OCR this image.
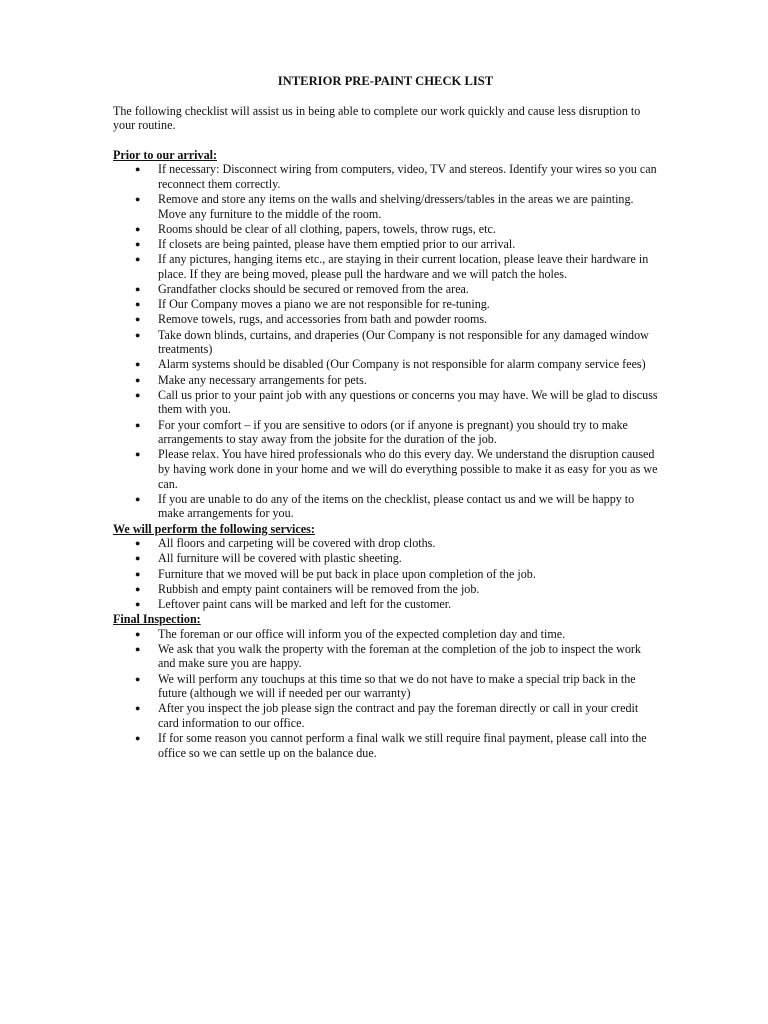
INTERIOR PRE-PAINT CHECK LIST
The following checklist will assist us in being able to complete our work quickly and cause less disruption to your routine.
Prior to our arrival:
● If necessary: Disconnect wiring from computers, video, TV and stereos. Identify your wires so you can reconnect them correctly.
● Remove and store any items on the walls and shelving/dressers/tables in the areas we are painting. Move any furniture to the middle of the room.
● Rooms should be clear of all clothing, papers, towels, throw rugs, etc.
● If closets are being painted, please have them emptied prior to our arrival.
● If any pictures, hanging items etc., are staying in their current location, please leave their hardware in place. If they are being moved, please pull the hardware and we will patch the holes.
● Grandfather clocks should be secured or removed from the area.
● If Our Company moves a piano we are not responsible for re-tuning.
● Remove towels, rugs, and accessories from bath and powder rooms.
● Take down blinds, curtains, and draperies (Our Company is not responsible for any damaged window treatments)
● Alarm systems should be disabled (Our Company is not responsible for alarm company service fees)
● Make any necessary arrangements for pets.
● Call us prior to your paint job with any questions or concerns you may have. We will be glad to discuss them with you.
● For your comfort – if you are sensitive to odors (or if anyone is pregnant) you should try to make arrangements to stay away from the jobsite for the duration of the job.
● Please relax. You have hired professionals who do this every day. We understand the disruption caused by having work done in your home and we will do everything possible to make it as easy for you as we can.
● If you are unable to do any of the items on the checklist, please contact us and we will be happy to make arrangements for you.
We will perform the following services:
● All floors and carpeting will be covered with drop cloths.
● All furniture will be covered with plastic sheeting.
● Furniture that we moved will be put back in place upon completion of the job.
● Rubbish and empty paint containers will be removed from the job.
● Leftover paint cans will be marked and left for the customer.
Final Inspection:
● The foreman or our office will inform you of the expected completion day and time.
● We ask that you walk the property with the foreman at the completion of the job to inspect the work and make sure you are happy.
● We will perform any touchups at this time so that we do not have to make a special trip back in the future (although we will if needed per our warranty)
● After you inspect the job please sign the contract and pay the foreman directly or call in your credit card information to our office.
● If for some reason you cannot perform a final walk we still require final payment, please call into the office so we can settle up on the balance due.
